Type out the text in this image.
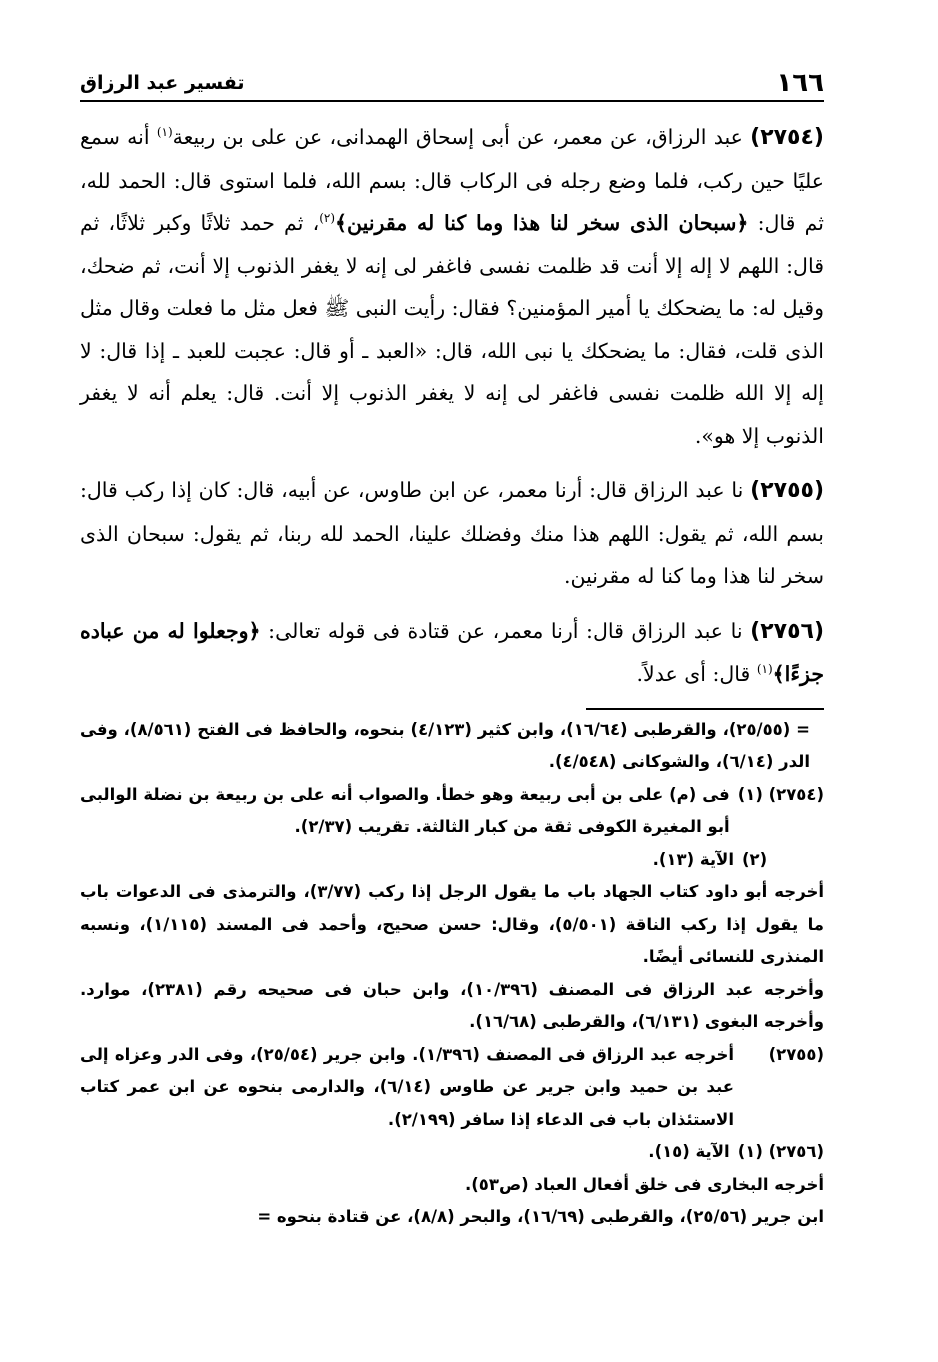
١٦٦
تفسير عبد الرزاق

(٢٧٥٤) عبد الرزاق، عن معمر، عن أبى إسحاق الهمدانى، عن على بن ربيعة$^{(١)}$ أنه سمع عليًا حين ركب، فلما وضع رجله فى الركاب قال: بسم الله، فلما استوى قال: الحمد لله، ثم قال: ﴿سبحان الذى سخر لنا هذا وما كنا له مقرنين﴾$^{(٢)}$، ثم حمد ثلاثًا وكبر ثلاثًا، ثم قال: اللهم لا إله إلا أنت قد ظلمت نفسى فاغفر لى إنه لا يغفر الذنوب إلا أنت، ثم ضحك، وقيل له: ما يضحكك يا أمير المؤمنين؟ فقال: رأيت النبى ﷺ فعل مثل ما فعلت وقال مثل الذى قلت، فقال: ما يضحكك يا نبى الله، قال: «العبد ـ أو قال: عجبت للعبد ـ إذا قال: لا إله إلا الله ظلمت نفسى فاغفر لى إنه لا يغفر الذنوب إلا أنت. قال: يعلم أنه لا يغفر الذنوب إلا هو».

(٢٧٥٥) نا عبد الرزاق قال: أرنا معمر، عن ابن طاوس، عن أبيه، قال: كان إذا ركب قال: بسم الله، ثم يقول: اللهم هذا منك وفضلك علينا، الحمد لله ربنا، ثم يقول: سبحان الذى سخر لنا هذا وما كنا له مقرنين.

(٢٧٥٦) نا عبد الرزاق قال: أرنا معمر، عن قتادة فى قوله تعالى: ﴿وجعلوا له من عباده جزءًا﴾$^{(١)}$ قال: أى عدلاً.

= (٢٥/٥٥)، والقرطبى (١٦/٦٤)، وابن كثير (٤/١٢٣) بنحوه، والحافظ فى الفتح (٨/٥٦١)، وفى الدر (٦/١٤)، والشوكانى (٤/٥٤٨).

(٢٧٥٤) (١)
فى (م) على بن أبى ربيعة وهو خطأ. والصواب أنه على بن ربيعة بن نضلة الوالبى أبو المغيرة الكوفى ثقة من كبار الثالثة. تقريب (٢/٣٧).
(٢)
الآية (١٣).

أخرجه أبو داود كتاب الجهاد باب ما يقول الرجل إذا ركب (٣/٧٧)، والترمذى فى الدعوات باب ما يقول إذا ركب الناقة (٥/٥٠١)، وقال: حسن صحيح، وأحمد فى المسند (١/١١٥)، ونسبه المنذرى للنسائى أيضًا.

وأخرجه عبد الرزاق فى المصنف (١٠/٣٩٦)، وابن حبان فى صحيحه رقم (٢٣٨١)، موارد. وأخرجه البغوى (٦/١٣١)، والقرطبى (١٦/٦٨).

(٢٧٥٥)
أخرجه عبد الرزاق فى المصنف (١/٣٩٦). وابن جرير (٢٥/٥٤)، وفى الدر وعزاه إلى عبد بن حميد وابن جرير عن طاوس (٦/١٤)، والدارمى بنحوه عن ابن عمر كتاب الاستئذان باب فى الدعاء إذا سافر (٢/١٩٩).
(٢٧٥٦) (١)
الآية (١٥).

أخرجه البخارى فى خلق أفعال العباد (ص٥٣).

ابن جرير (٢٥/٥٦)، والقرطبى (١٦/٦٩)، والبحر (٨/٨)، عن قتادة بنحوه =
